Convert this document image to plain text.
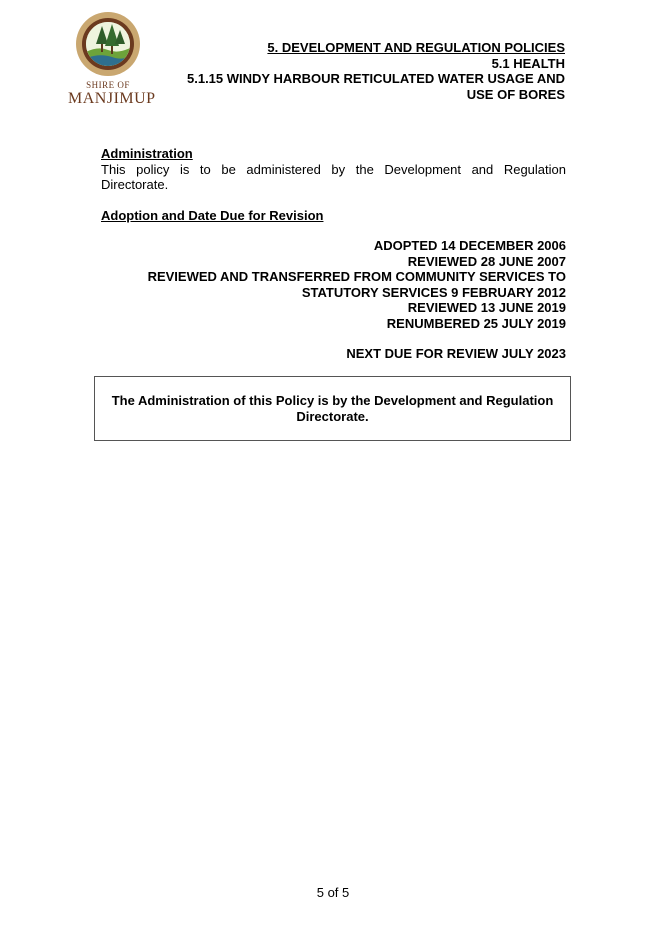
SHIRE OF
MANJIMUP
5. DEVELOPMENT AND REGULATION POLICIES
5.1 HEALTH
5.1.15 WINDY HARBOUR RETICULATED WATER USAGE AND
USE OF BORES
Administration
This policy is to be administered by the Development and Regulation Directorate.
Adoption and Date Due for Revision
ADOPTED 14 DECEMBER 2006
REVIEWED 28 JUNE 2007
REVIEWED AND TRANSFERRED FROM COMMUNITY SERVICES TO
STATUTORY SERVICES 9 FEBRUARY 2012
REVIEWED 13 JUNE 2019
RENUMBERED 25 JULY 2019
NEXT DUE FOR REVIEW JULY 2023
The Administration of this Policy is by the Development and Regulation Directorate.
5 of 5
